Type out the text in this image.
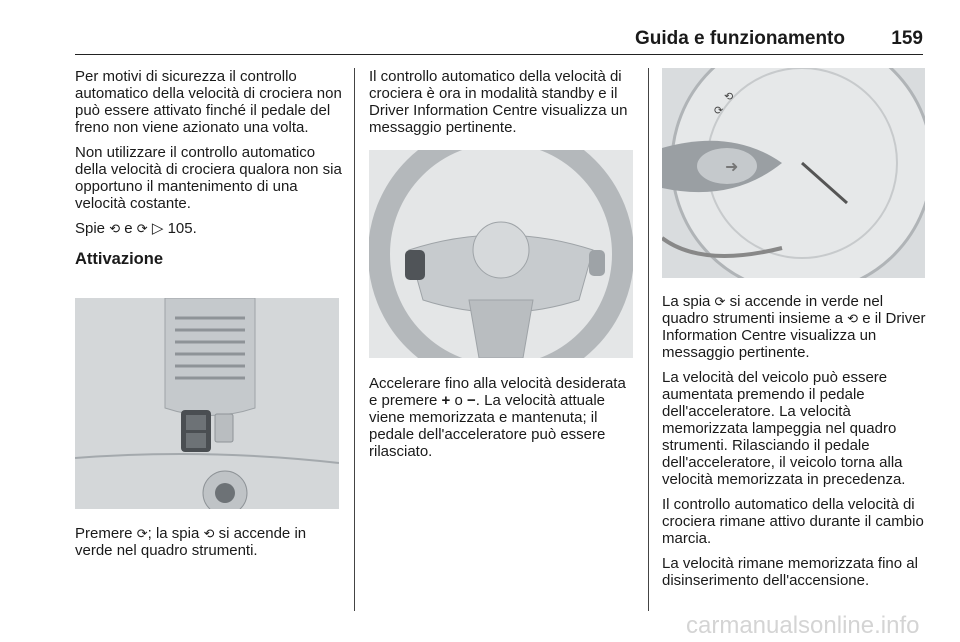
Guida e funzionamento 159

Per motivi di sicurezza il controllo automatico della velocità di crociera non può essere attivato finché il pedale del freno non viene azionato una volta.

Non utilizzare il controllo automatico della velocità di crociera qualora non sia opportuno il mantenimento di una velocità costante.

Spie ⟲ e ⟳ ▷ 105.

Attivazione

Premere ⟳; la spia ⟲ si accende in verde nel quadro strumenti.

Il controllo automatico della velocità di crociera è ora in modalità standby e il Driver Information Centre visualizza un messaggio pertinente.

Accelerare fino alla velocità desiderata e premere + o −. La velocità attuale viene memorizzata e mantenuta; il pedale dell'acceleratore può essere rilasciato.

➜
⟲
⟳

La spia ⟳ si accende in verde nel quadro strumenti insieme a ⟲ e il Driver Information Centre visualizza un messaggio pertinente.

La velocità del veicolo può essere aumentata premendo il pedale dell'acceleratore. La velocità memorizzata lampeggia nel quadro strumenti. Rilasciando il pedale dell'acceleratore, il veicolo torna alla velocità memorizzata in precedenza.

Il controllo automatico della velocità di crociera rimane attivo durante il cambio marcia.

La velocità rimane memorizzata fino al disinserimento dell'accensione.

carmanualsonline.info
